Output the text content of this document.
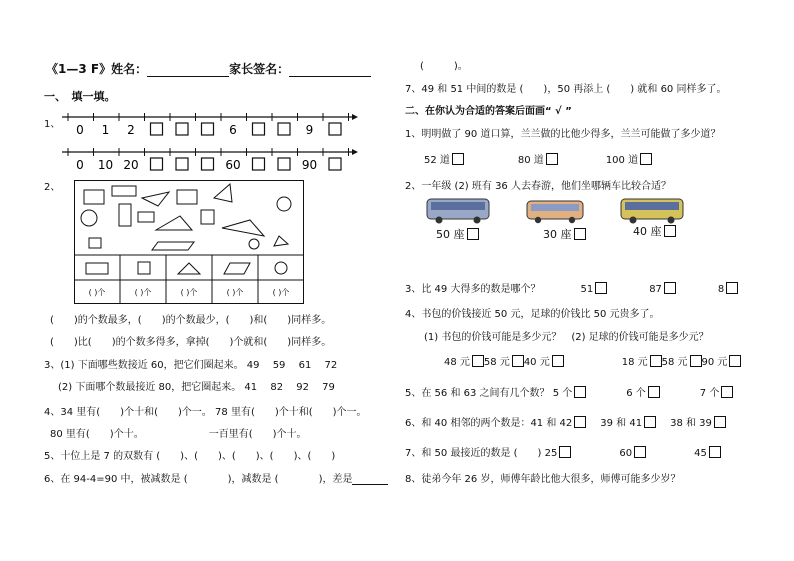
《1—3 F》姓名：	家长签名：
一、　填一填。
1、 0 1 2	6	9
0 10 20	60	90
2、
( )个	( )个	( )个	( )个	( )个
(　　)的个数最多，(　　)的个数最少，(　　)和(　　)同样多。
(　　)比(　　)的个数多得多，拿掉(　　)个就和(　　)同样多。
3、(1) 下面哪些数接近 60，把它们圈起来。 49　 59　 61　 72
(2) 下面哪个数最接近 80，把它圈起来。 41　 82　 92　 79
4、34 里有(　　)个十和(　　)个一。 78 里有(　　)个十和(　　)个一。
80 里有(　　)个十。　　　　　　　一百里有(　　)个十。
5、十位上是 7 的双数有 (　　)、(　　)、(　　)、(　　)、(　　)
6、在 94-4=90 中，被减数是 (　　　　)，减数是 (　　　　)，差是
(　　　)。
7、49 和 51 中间的数是 (　　)，50 再添上 (　　) 就和 60 同样多了。
二、在你认为合适的答案后面画“ √ ”
1、明明做了 90 道口算，兰兰做的比他少得多，兰兰可能做了多少道？
52 道	80 道	100 道
2、一年级 (2) 班有 36 人去春游，他们坐哪辆车比较合适？
50 座	30 座	40 座
3、比 49 大得多的数是哪个？	51	87	8
4、书包的价钱接近 50 元，足球的价钱比 50 元贵多了。
(1) 书包的价钱可能是多少元？　(2) 足球的价钱可能是多少元？
48 元 58 元 40 元	18 元 58 元 90 元
5、在 56 和 63 之间有几个数？ 5 个	6 个	7 个
6、和 40 相邻的两个数是：41 和 42	39 和 41	38 和 39
7、和 50 最接近的数是 (　　) 25	60	45
8、徒弟今年 26 岁，师傅年龄比他大很多，师傅可能多少岁？
